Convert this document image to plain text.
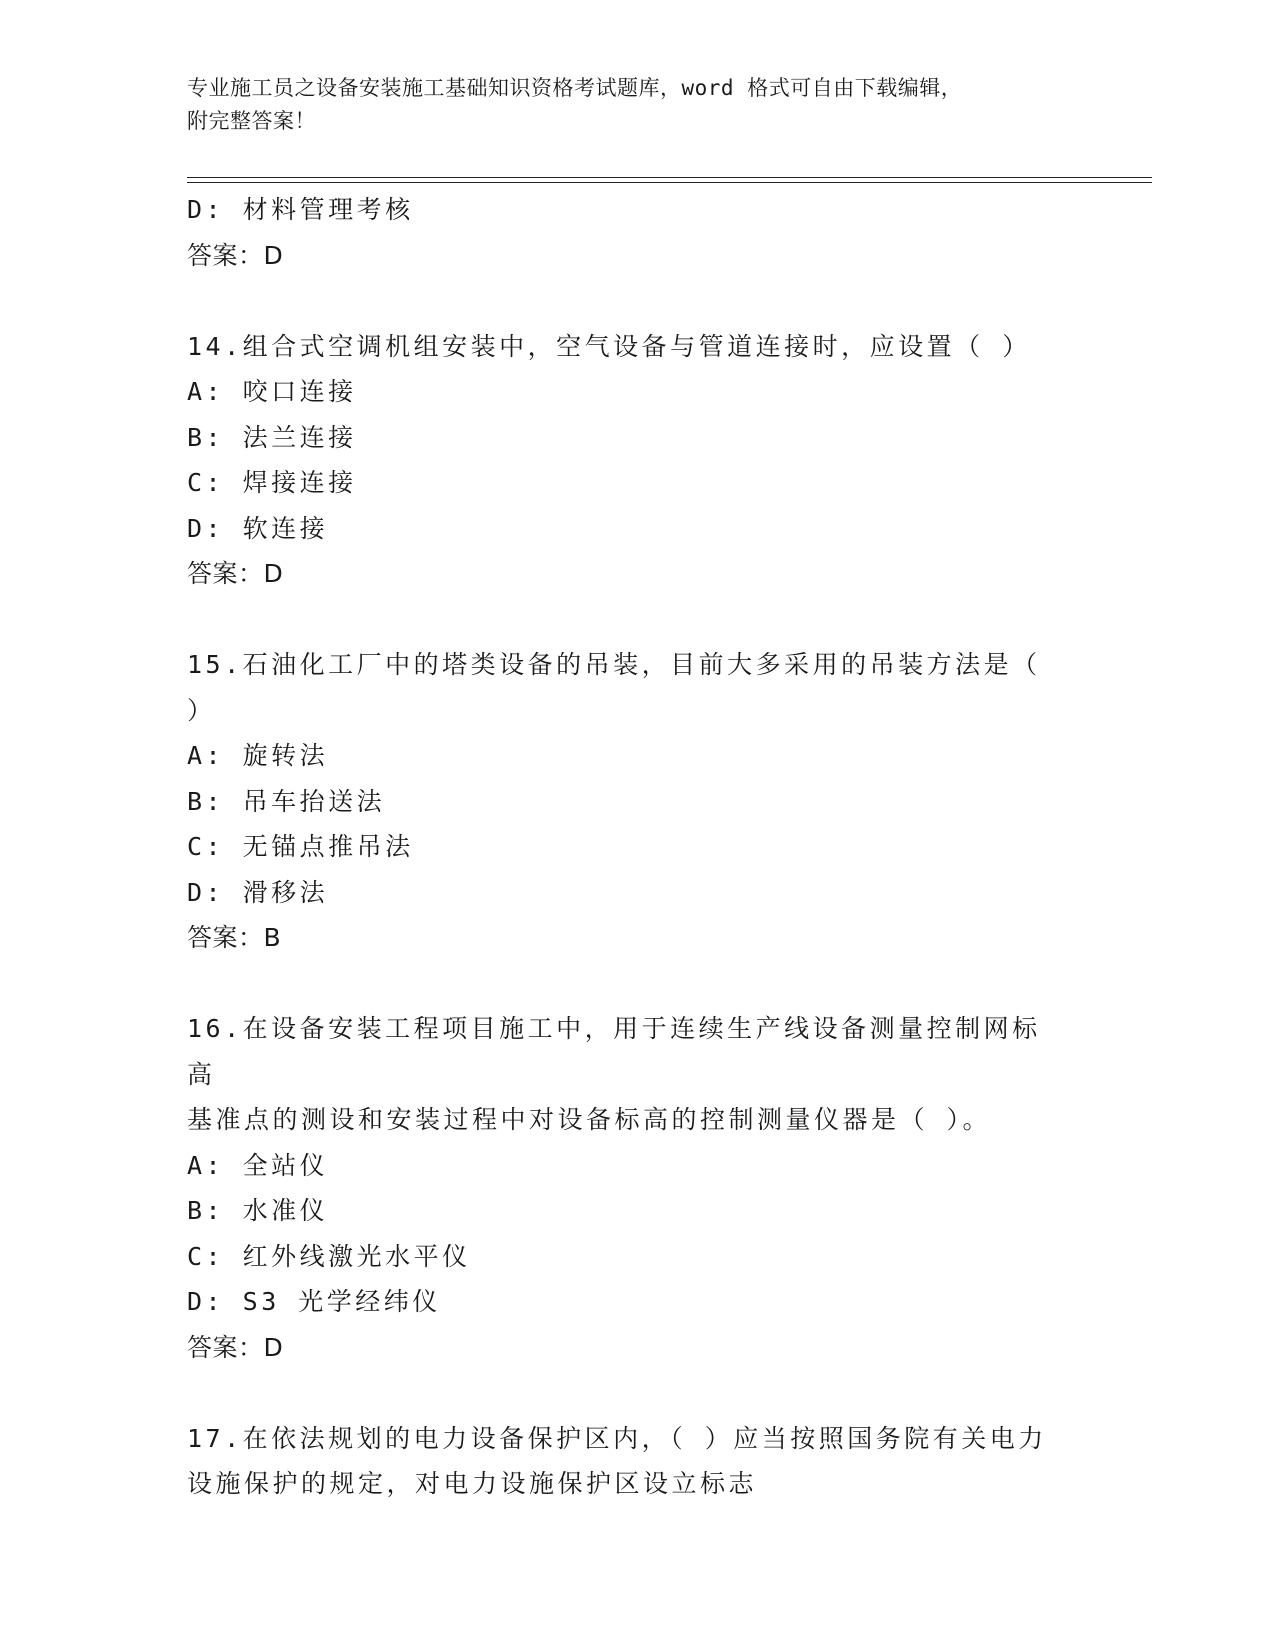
专业施工员之设备安装施工基础知识资格考试题库，word 格式可自由下载编辑，
附完整答案！
D: 材料管理考核
答案：D
14.组合式空调机组安装中，空气设备与管道连接时，应设置（ ）
A: 咬口连接
B: 法兰连接
C: 焊接连接
D: 软连接
答案：D
15.石油化工厂中的塔类设备的吊装，目前大多采用的吊装方法是（
）
A: 旋转法
B: 吊车抬送法
C: 无锚点推吊法
D: 滑移法
答案：B
16.在设备安装工程项目施工中，用于连续生产线设备测量控制网标高
基准点的测设和安装过程中对设备标高的控制测量仪器是（ ）。
A: 全站仪
B: 水准仪
C: 红外线激光水平仪
D: S3 光学经纬仪
答案：D
17.在依法规划的电力设备保护区内，（ ）应当按照国务院有关电力
设施保护的规定，对电力设施保护区设立标志
